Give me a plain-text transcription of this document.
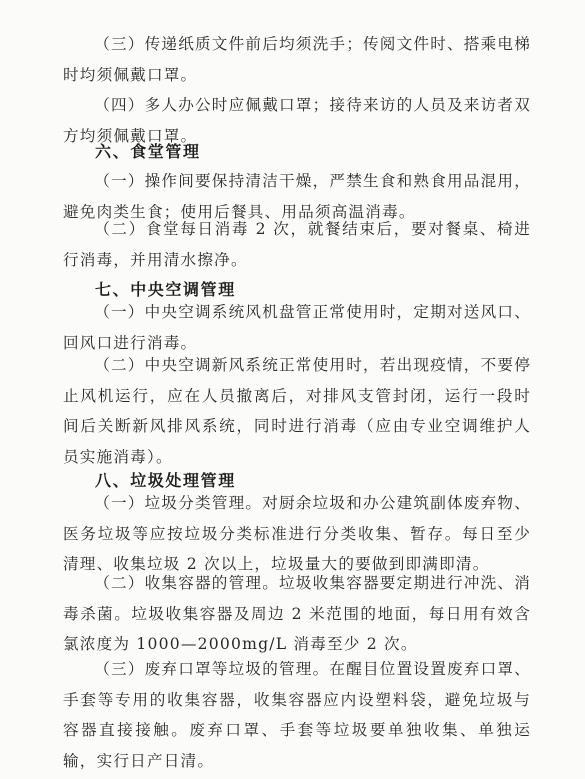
（三）传递纸质文件前后均须洗手；传阅文件时、搭乘电梯时均须佩戴口罩。

（四）多人办公时应佩戴口罩；接待来访的人员及来访者双方均须佩戴口罩。

六、食堂管理

（一）操作间要保持清洁干燥，严禁生食和熟食用品混用，避免肉类生食；使用后餐具、用品须高温消毒。

（二）食堂每日消毒 2 次，就餐结束后，要对餐桌、椅进行消毒，并用清水擦净。

七、中央空调管理

（一）中央空调系统风机盘管正常使用时，定期对送风口、回风口进行消毒。

（二）中央空调新风系统正常使用时，若出现疫情，不要停止风机运行，应在人员撤离后，对排风支管封闭，运行一段时间后关断新风排风系统，同时进行消毒（应由专业空调维护人员实施消毒）。

八、垃圾处理管理

（一）垃圾分类管理。对厨余垃圾和办公建筑副体废弃物、医务垃圾等应按垃圾分类标准进行分类收集、暂存。每日至少清理、收集垃圾 2 次以上，垃圾量大的要做到即满即清。

（二）收集容器的管理。垃圾收集容器要定期进行冲洗、消毒杀菌。垃圾收集容器及周边 2 米范围的地面，每日用有效含氯浓度为 1000—2000mg/L 消毒至少 2 次。

（三）废弃口罩等垃圾的管理。在醒目位置设置废弃口罩、手套等专用的收集容器，收集容器应内设塑料袋，避免垃圾与容器直接接触。废弃口罩、手套等垃圾要单独收集、单独运输，实行日产日清。
